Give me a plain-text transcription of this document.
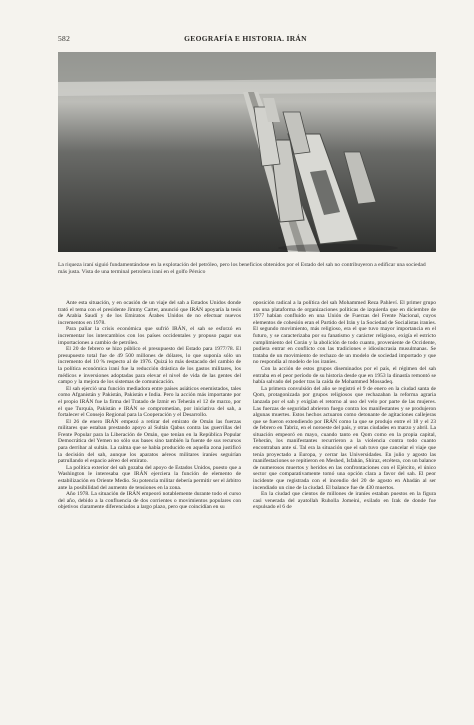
582	GEOGRAFÍA E HISTORIA. IRÁN
La riqueza iraní siguió fundamentándose en la explotación del petróleo, pero los beneficios obtenidos por el Estado del sah no contribuyeron a edificar una sociedad más justa. Vista de una terminal petrolera iraní en el golfo Pérsico

Ante esta situación, y en ocasión de un viaje del sah a Estados Unidos donde trató el tema con el presidente Jimmy Carter, anunció que IRÁN apoyaría la tesis de Arabia Saudí y de los Emiratos Árabes Unidos de no efectuar nuevos incrementos en 1978.

Para paliar la crisis económica que sufrió IRÁN, el sah se esforzó en incrementar los intercambios con los países occidentales y propuso pagar sus importaciones a cambio de petróleo.

El 20 de febrero se hizo público el presupuesto del Estado para 1977/78. El presupuesto total fue de 49 500 millones de dólares, lo que suponía sólo un incremento del 10 % respecto al de 1976. Quizá lo más destacado del cambio de la política económica iraní fue la reducción drástica de los gastos militares, los médicos e inversiones adoptadas para elevar el nivel de vida de las gentes del campo y la mejora de los sistemas de comunicación.

El sah ejerció una función mediadora entre países asiáticos enemistados, tales como Afganistán y Pakistán, Pakistán e India. Pero la acción más importante por el propio IRÁN fue la firma del Tratado de Izmir en Teherán el 12 de marzo, por el que Turquía, Pakistán e IRÁN se comprometían, por iniciativa del sah, a fortalecer el Consejo Regional para la Cooperación y el Desarrollo.

El 26 de enero IRÁN empezó a retirar del emirato de Omán las fuerzas militares que estaban prestando apoyo al Sultán Qabus contra las guerrillas del Frente Popular para la Liberación de Omán, que tenían en la República Popular Democrática del Yemen no sólo sus bases sino también la fuente de sus recursos para derribar al sultán. La calma que se había producido en aquella zona justificó la decisión del sah, aunque los aparatos aéreos militares iraníes seguirían patrullando el espacio aéreo del emirato.

La política exterior del sah gozaba del apoyo de Estados Unidos, puesto que a Washington le interesaba que IRÁN ejerciera la función de elemento de estabilización en Oriente Medio. Su potencia militar debería permitir ser el árbitro ante la posibilidad del aumento de tensiones en la zona.

Año 1978. La situación de IRÁN empeoró notablemente durante todo el curso del año, debido a la confluencia de dos corrientes o movimientos populares con objetivos claramente diferenciados a largo plazo, pero que coincidían en su

oposición radical a la política del sah Mohammed Reza Pahleví. El primer grupo era una plataforma de organizaciones políticas de izquierda que en diciembre de 1977 habían confluido en una Unión de Fuerzas del Frente Nacional, cuyos elementos de cohesión eran el Partido del Irán y la Sociedad de Socialistas iraníes. El segundo movimiento, más religioso, era el que tuvo mayor importancia en el futuro, y se caracterizaba por su fanatismo y carácter religioso, exigía el estricto cumplimiento del Corán y la abolición de todo cuanto, proveniente de Occidente, pudiera entrar en conflicto con las tradiciones e idiosincrasia musulmanas. Se trataba de un movimiento de rechazo de un modelo de sociedad importado y que no respondía al modelo de los iraníes.

Con la acción de estos grupos diseminados por el país, el régimen del sah entraba en el peor período de su historia desde que en 1953 la dinastía remontó se había salvado del poder tras la caída de Mohammed Mossadeq.

La primera convulsión del año se registró el 9 de enero en la ciudad santa de Qom, protagonizada por grupos religiosos que rechazaban la reforma agraria lanzada por el sah y exigían el retorno al uso del velo por parte de las mujeres. Las fuerzas de seguridad abrieron fuego contra los manifestantes y se produjeron algunas muertes. Estos hechos actuaron como detonante de agitaciones callejeras que se fueron extendiendo por IRÁN como la que se produjo entre el 18 y el 23 de febrero en Tabriz, en el noroeste del país, y otras ciudades en marzo y abril. La situación empeoró en mayo, cuando tanto en Qom como en la propia capital, Teherán, los manifestantes recurrieron a la violencia contra todo cuanto encontraban ante sí. Tal era la situación que el sah tuvo que cancelar el viaje que tenía proyectado a Europa, y cerrar las Universidades. En julio y agosto las manifestaciones se repitieron en Meshed, Isfahán, Shiraz, etcétera, con un balance de numerosos muertos y heridos en las confrontaciones con el Ejército, el único sector que comparativamente tomó una opción clara a favor del sah. El peor incidente que registrada con el incendio del 20 de agosto en Abadán al ser incendiado un cine de la ciudad. El balance fue de 430 muertos.

En la ciudad que cientos de millones de iraníes estaban puestos en la figura casi venerada del ayatollah Ruholla Jomeini, exilado en Irak de donde fue expulsado el 6 de
